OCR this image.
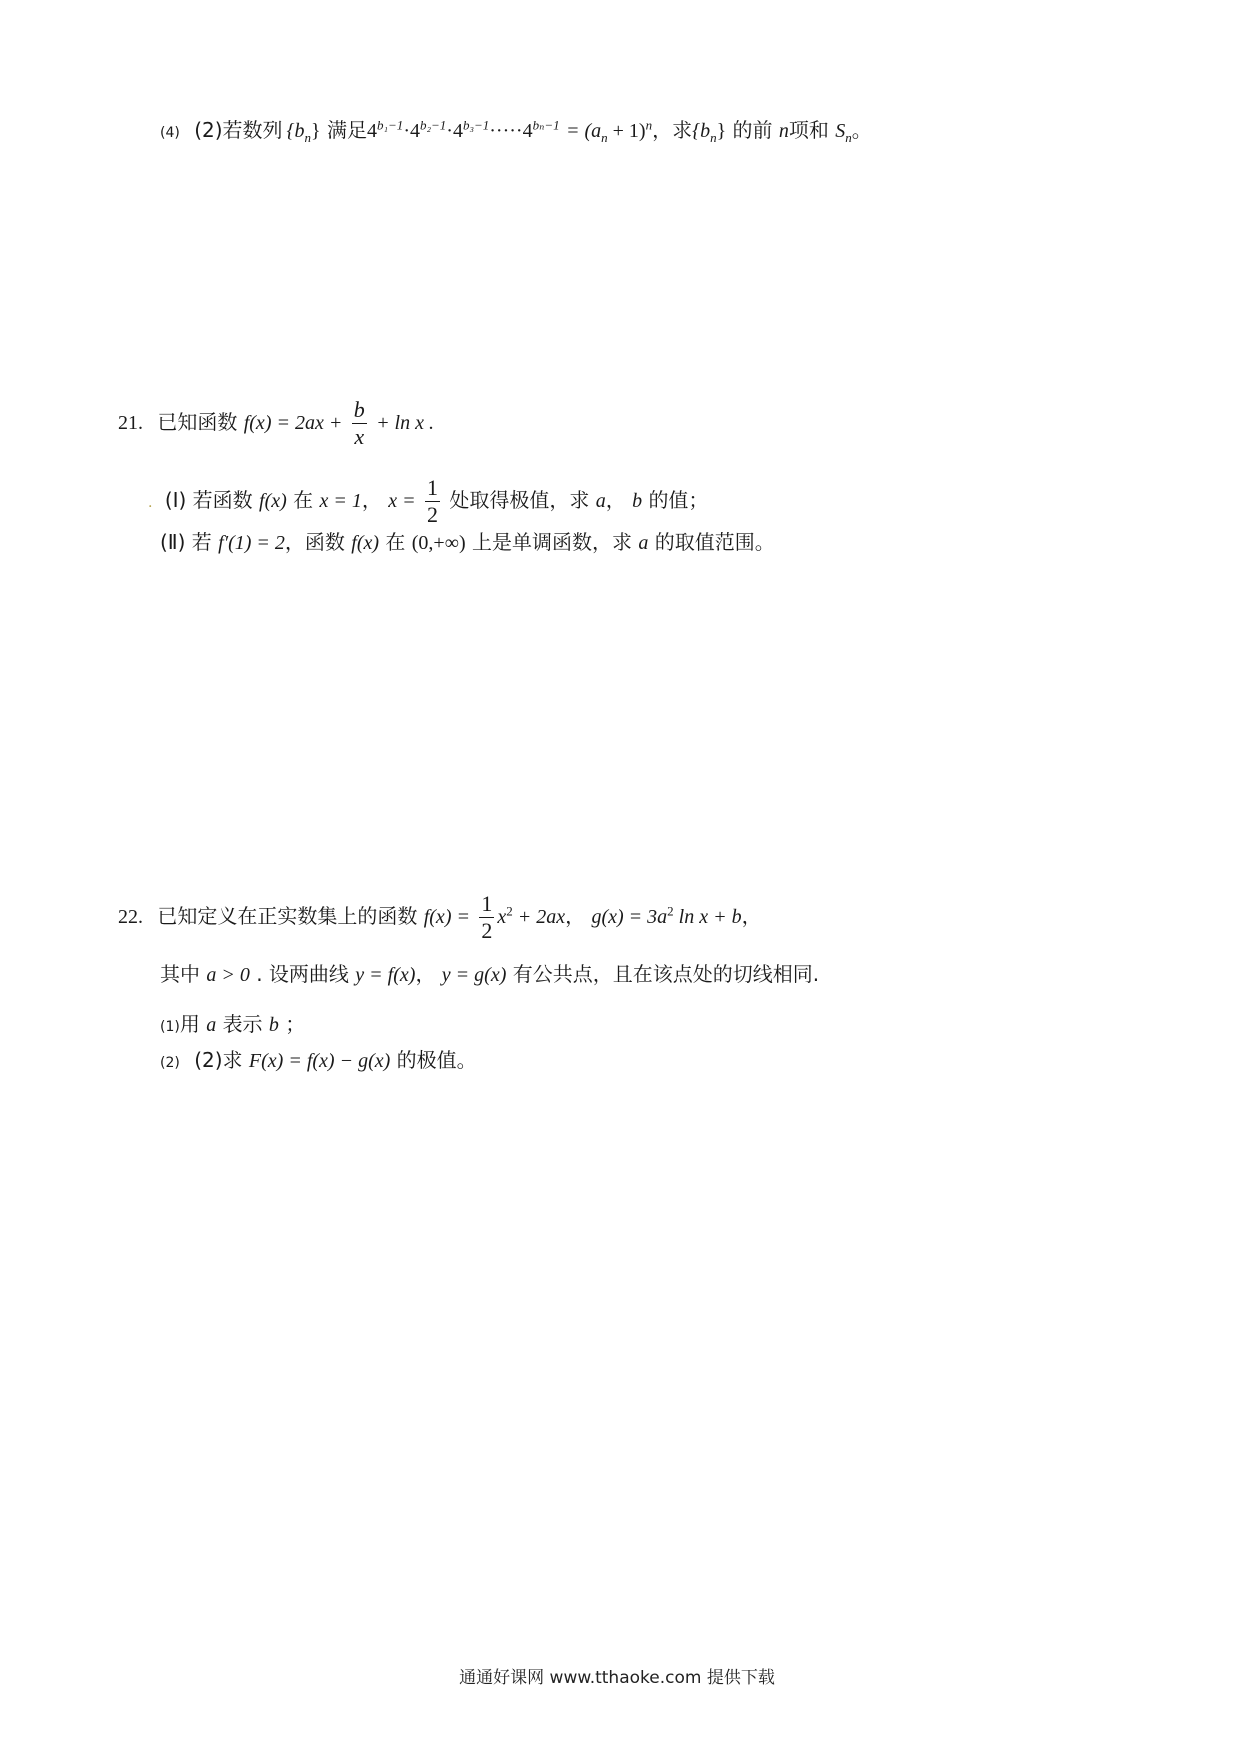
(4) (2)若数列 $\{b_n\}$ 满足$4^{b_1-1}\cdot 4^{b_2-1}\cdot 4^{b_3-1}\cdot\cdot\cdot\cdot\cdot 4^{b_n-1} = (a_n + 1)^n$，求$\{b_n\}$ 的前 n项和 $S_n$。
21. 已知函数 $f(x) = 2ax + \frac{b}{x} + \ln x$ .
. (Ⅰ) 若函数 f(x) 在 x = 1， $x = \frac{1}{2}$ 处取得极值，求 a， b 的值；
(Ⅱ) 若 f′(1) = 2，函数 f(x) 在 (0,+∞) 上是单调函数，求 a 的取值范围。
22. 已知定义在正实数集上的函数 $f(x) = \frac{1}{2} x^2 + 2ax$， $g(x) = 3a^2$ ln x + b，
其中 a > 0 . 设两曲线 y = f(x)， y = g(x) 有公共点，且在该点处的切线相同.
(1)用 a 表示 b ；
(2) (2)求 F(x) = f(x) − g(x) 的极值。
通通好课网 www.tthaoke.com 提供下载
